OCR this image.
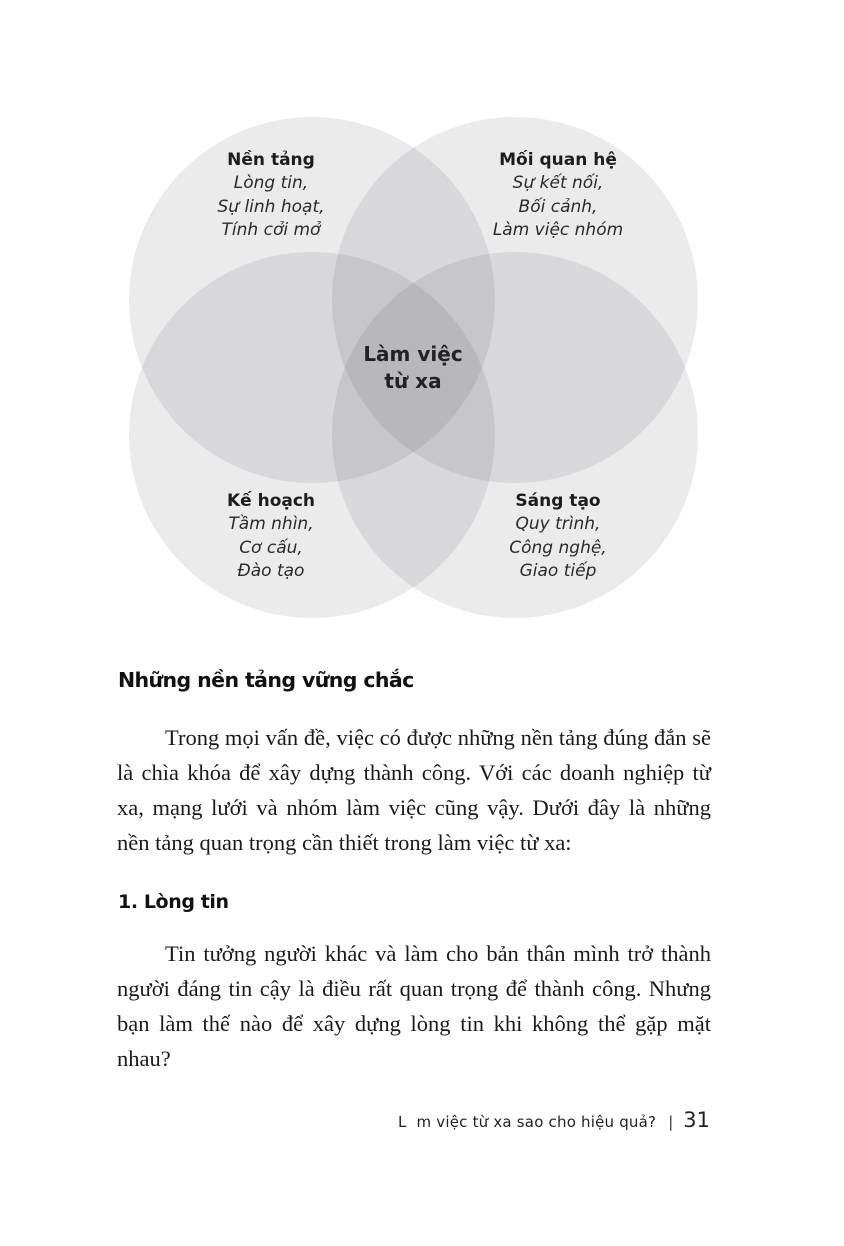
Nền tảng
Lòng tin,
Sự linh hoạt,
Tính cởi mở
Mối quan hệ
Sự kết nối,
Bối cảnh,
Làm việc nhóm
Kế hoạch
Tầm nhìn,
Cơ cấu,
Đào tạo
Sáng tạo
Quy trình,
Công nghệ,
Giao tiếp
Làm việc
từ xa
Những nền tảng vững chắc

Trong mọi vấn đề, việc có được những nền tảng đúng đắn sẽ là chìa khóa để xây dựng thành công. Với các doanh nghiệp từ xa, mạng lưới và nhóm làm việc cũng vậy. Dưới đây là những nền tảng quan trọng cần thiết trong làm việc từ xa:

1. Lòng tin

Tin tưởng người khác và làm cho bản thân mình trở thành người đáng tin cậy là điều rất quan trọng để thành công. Nhưng bạn làm thế nào để xây dựng lòng tin khi không thể gặp mặt nhau?

L  m việc từ xa sao cho hiệu quả? | 31
